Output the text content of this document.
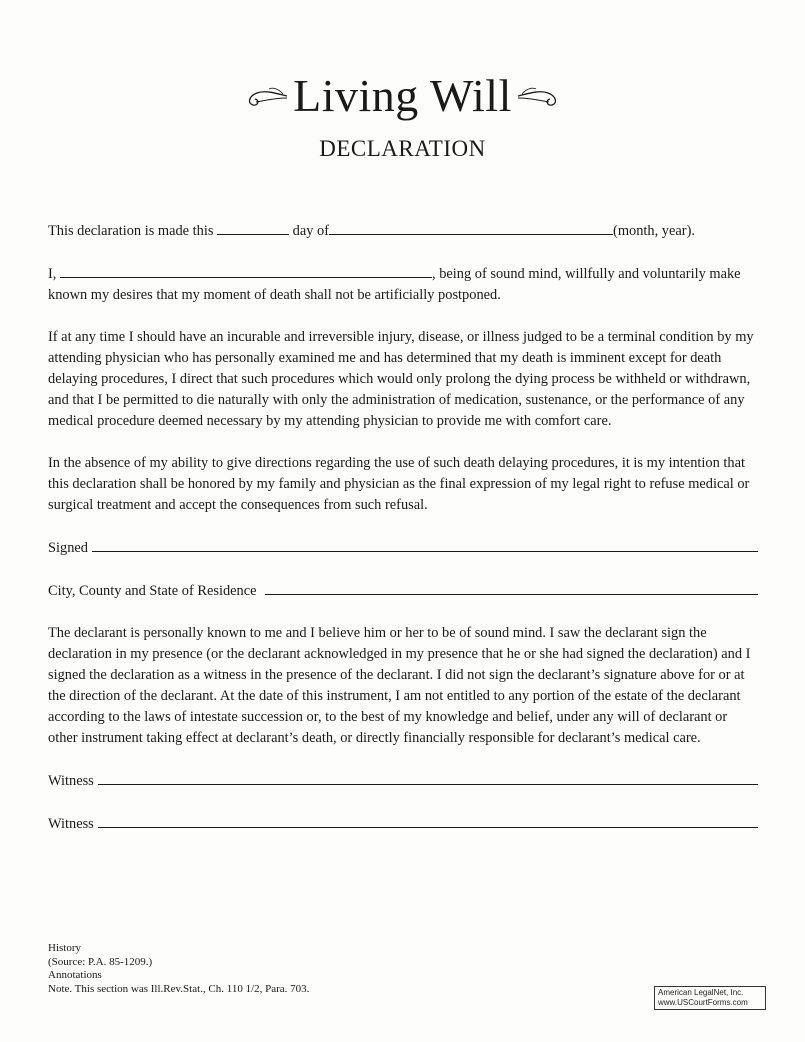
Living Will
DECLARATION

This declaration is made this	day of	(month, year).

I,	, being of sound mind, willfully and voluntarily make known my desires that my moment of death shall not be artificially postponed.

If at any time I should have an incurable and irreversible injury, disease, or illness judged to be a terminal condition by my attending physician who has personally examined me and has determined that my death is imminent except for death delaying procedures, I direct that such procedures which would only prolong the dying process be withheld or withdrawn, and that I be permitted to die naturally with only the administration of medication, sustenance, or the performance of any medical procedure deemed necessary by my attending physician to provide me with comfort care.

In the absence of my ability to give directions regarding the use of such death delaying procedures, it is my intention that this declaration shall be honored by my family and physician as the final expression of my legal right to refuse medical or surgical treatment and accept the consequences from such refusal.

Signed
City, County and State of Residence

The declarant is personally known to me and I believe him or her to be of sound mind. I saw the declarant sign the declaration in my presence (or the declarant acknowledged in my presence that he or she had signed the declaration) and I signed the declaration as a witness in the presence of the declarant. I did not sign the declarant’s signature above for or at the direction of the declarant. At the date of this instrument, I am not entitled to any portion of the estate of the declarant according to the laws of intestate succession or, to the best of my knowledge and belief, under any will of declarant or other instrument taking effect at declarant’s death, or directly financially responsible for declarant’s medical care.

Witness
Witness
History
(Source: P.A. 85-1209.)
Annotations
Note. This section was Ill.Rev.Stat., Ch. 110 1/2, Para. 703.	American LegalNet, Inc.
www.USCourtForms.com
